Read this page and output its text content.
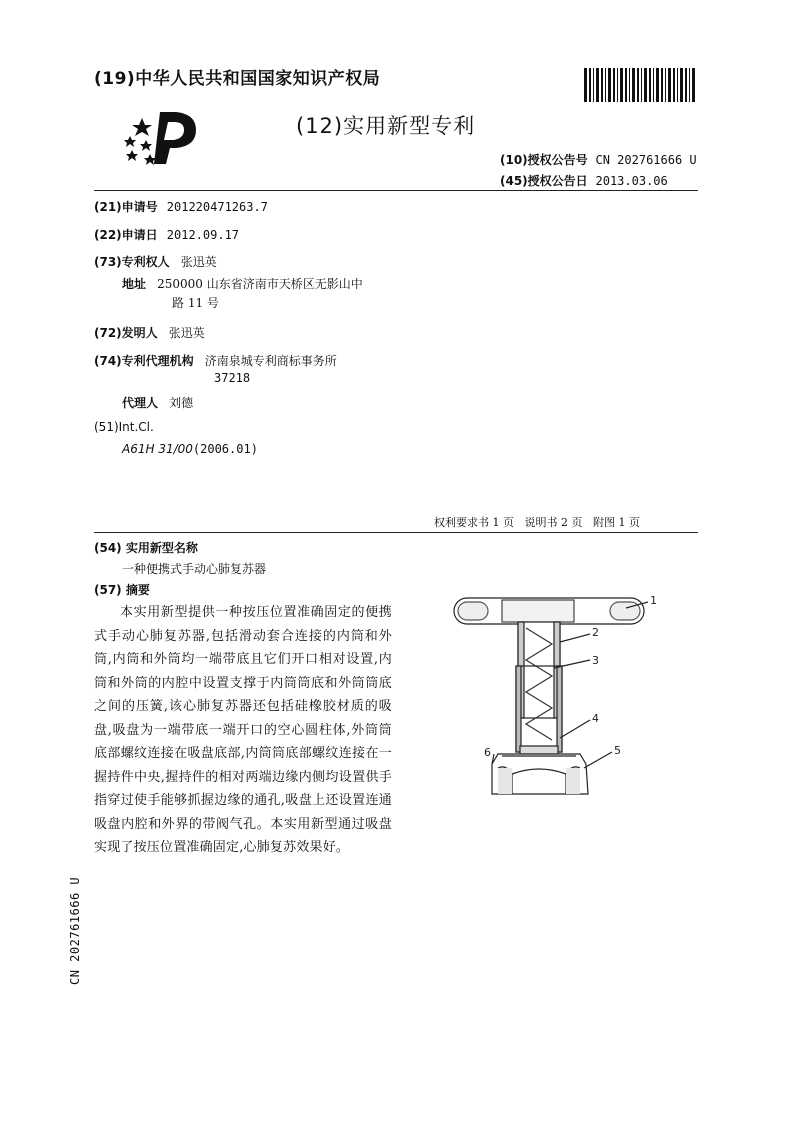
(19)中华人民共和国国家知识产权局
(12)实用新型专利
(10)授权公告号 CN 202761666 U
(45)授权公告日 2013.03.06
(21)申请号 201220471263.7
(22)申请日 2012.09.17
(73)专利权人 张迅英
地址 250000 山东省济南市天桥区无影山中
路 11 号
(72)发明人 张迅英
(74)专利代理机构 济南泉城专利商标事务所
37218
代理人 刘德
(51)Int.Cl.
A61H 31/00(2006.01)
权利要求书 1 页   说明书 2 页   附图 1 页
(54) 实用新型名称
一种便携式手动心肺复苏器
(57) 摘要
本实用新型提供一种按压位置准确固定的便携式手动心肺复苏器,包括滑动套合连接的内筒和外筒,内筒和外筒均一端带底且它们开口相对设置,内筒和外筒的内腔中设置支撑于内筒筒底和外筒筒底之间的压簧,该心肺复苏器还包括硅橡胶材质的吸盘,吸盘为一端带底一端开口的空心圆柱体,外筒筒底部螺纹连接在吸盘底部,内筒筒底部螺纹连接在一握持件中央,握持件的相对两端边缘内侧均设置供手指穿过使手能够抓握边缘的通孔,吸盘上还设置连通吸盘内腔和外界的带阀气孔。本实用新型通过吸盘实现了按压位置准确固定,心肺复苏效果好。
1
2
3
4
5
6
CN 202761666 U
